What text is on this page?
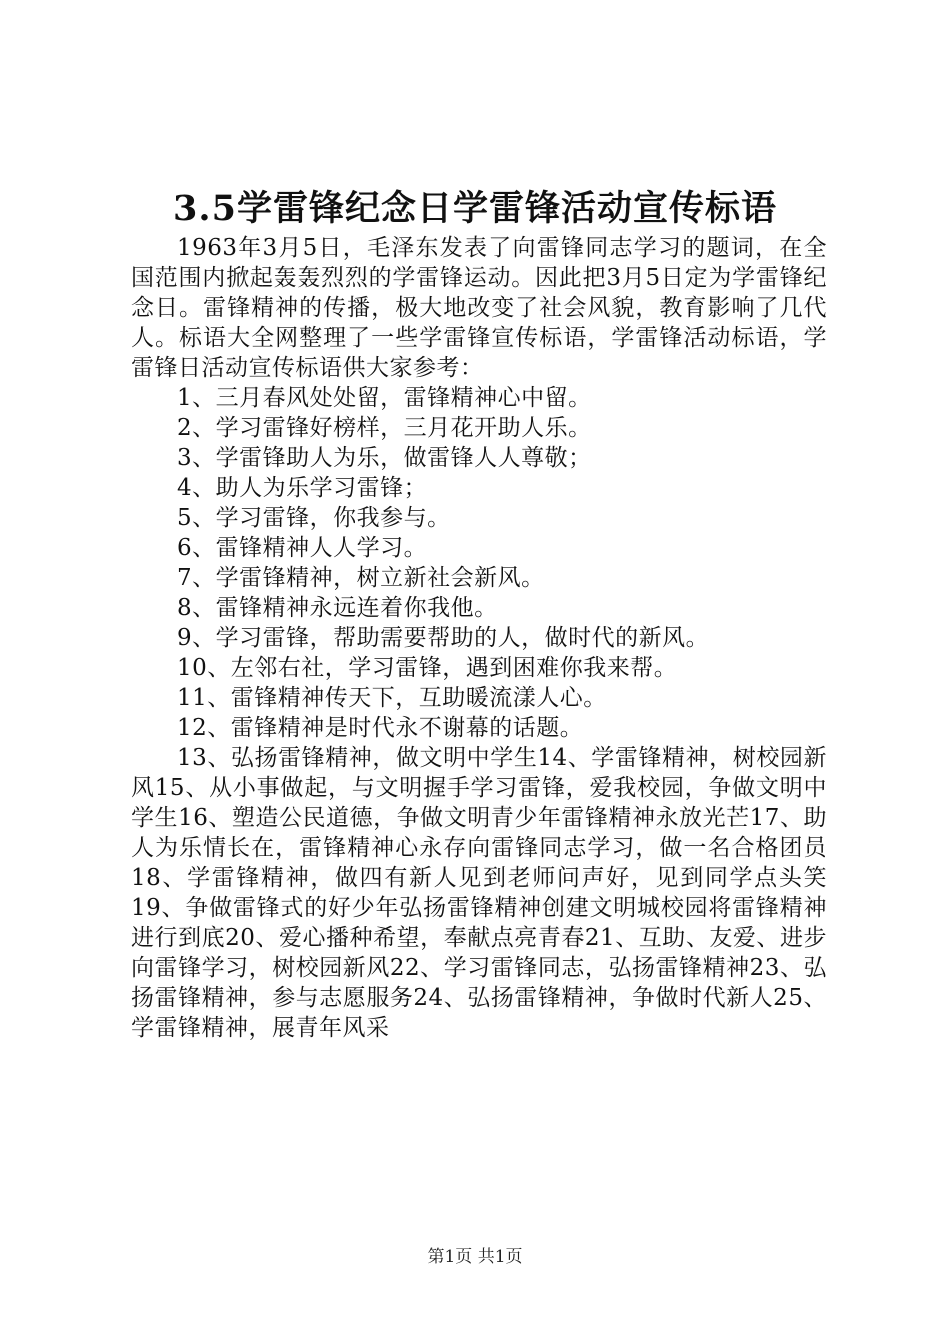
3.5学雷锋纪念日学雷锋活动宣传标语

1963年3月5日，毛泽东发表了向雷锋同志学习的题词，在全国范围内掀起轰轰烈烈的学雷锋运动。因此把3月5日定为学雷锋纪念日。雷锋精神的传播，极大地改变了社会风貌，教育影响了几代人。标语大全网整理了一些学雷锋宣传标语，学雷锋活动标语，学雷锋日活动宣传标语供大家参考：

1、三月春风处处留，雷锋精神心中留。

2、学习雷锋好榜样，三月花开助人乐。

3、学雷锋助人为乐，做雷锋人人尊敬；

4、助人为乐学习雷锋；

5、学习雷锋，你我参与。

6、雷锋精神人人学习。

7、学雷锋精神，树立新社会新风。

8、雷锋精神永远连着你我他。

9、学习雷锋，帮助需要帮助的人，做时代的新风。

10、左邻右社，学习雷锋，遇到困难你我来帮。

11、雷锋精神传天下，互助暖流漾人心。

12、雷锋精神是时代永不谢幕的话题。

13、弘扬雷锋精神，做文明中学生14、学雷锋精神，树校园新风15、从小事做起，与文明握手学习雷锋，爱我校园，争做文明中学生16、塑造公民道德，争做文明青少年雷锋精神永放光芒17、助人为乐情长在，雷锋精神心永存向雷锋同志学习，做一名合格团员18、学雷锋精神，做四有新人见到老师问声好，见到同学点头笑19、争做雷锋式的好少年弘扬雷锋精神创建文明城校园将雷锋精神进行到底20、爱心播种希望，奉献点亮青春21、互助、友爱、进步向雷锋学习，树校园新风22、学习雷锋同志，弘扬雷锋精神23、弘扬雷锋精神，参与志愿服务24、弘扬雷锋精神，争做时代新人25、学雷锋精神，展青年风采

第1页 共1页
